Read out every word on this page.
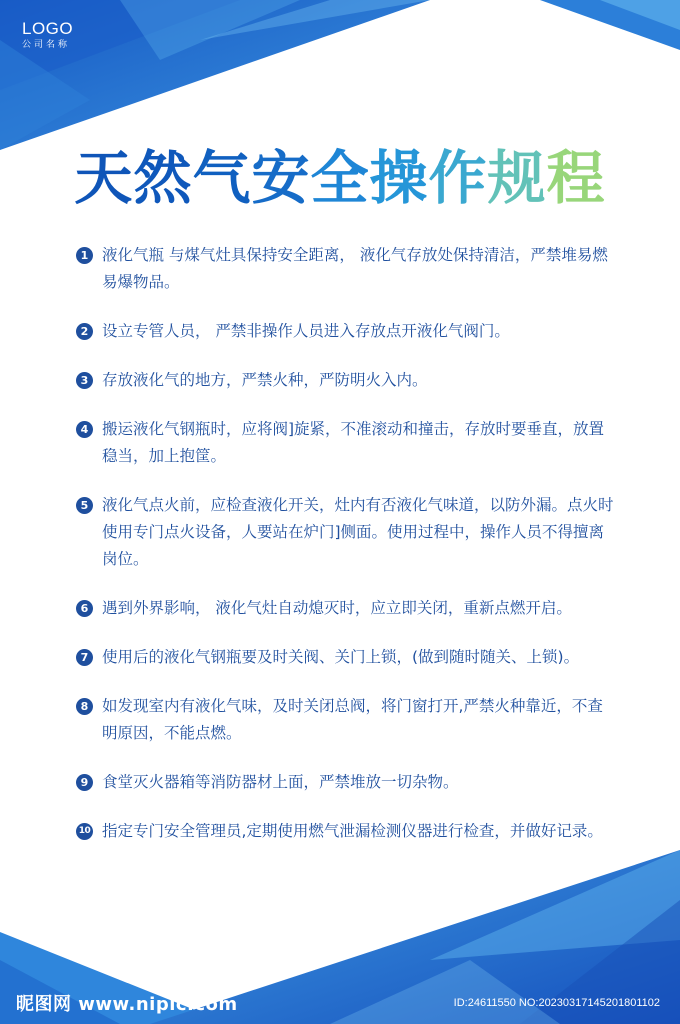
LOGO
公司名称
天然气安全操作规程
1 液化气瓶 与煤气灶具保持安全距离， 液化气存放处保持清洁，严禁堆易燃易爆物品。
2 设立专管人员， 严禁非操作人员进入存放点开液化气阀门。
3 存放液化气的地方，严禁火种，严防明火入内。
4 搬运液化气钢瓶时，应将阀]旋紧，不准滚动和撞击，存放时要垂直，放置稳当，加上抱筐。
5 液化气点火前，应检查液化开关，灶内有否液化气味道，以防外漏。点火时使用专门点火设备，人要站在炉门]侧面。使用过程中，操作人员不得擅离岗位。
6 遇到外界影响， 液化气灶自动熄灭时，应立即关闭，重新点燃开启。
7 使用后的液化气钢瓶要及时关阀、关门上锁，(做到随时随关、上锁)。
8 如发现室内有液化气味，及时关闭总阀，将门窗打开,严禁火种靠近，不查明原因，不能点燃。
9 食堂灭火器箱等消防器材上面，严禁堆放一切杂物。
10 指定专门安全管理员,定期使用燃气泄漏检测仪器进行检查，并做好记录。
昵图网 www.nipic.com	ID:24611550 NO:20230317145201801102
